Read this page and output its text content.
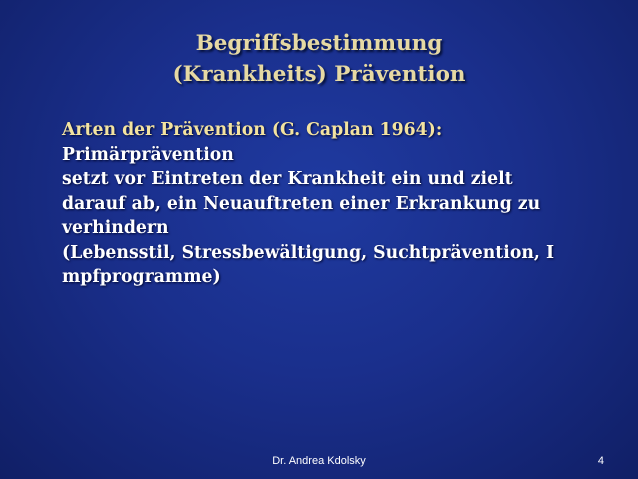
Begriffsbestimmung
(Krankheits) Prävention
Arten der Prävention (G. Caplan 1964):
Primärprävention
setzt vor Eintreten der Krankheit ein und zielt
darauf ab, ein Neuauftreten einer Erkrankung zu
verhindern
(Lebensstil, Stressbewältigung, Suchtprävention, I
mpfprogramme)
Dr. Andrea Kdolsky	4
